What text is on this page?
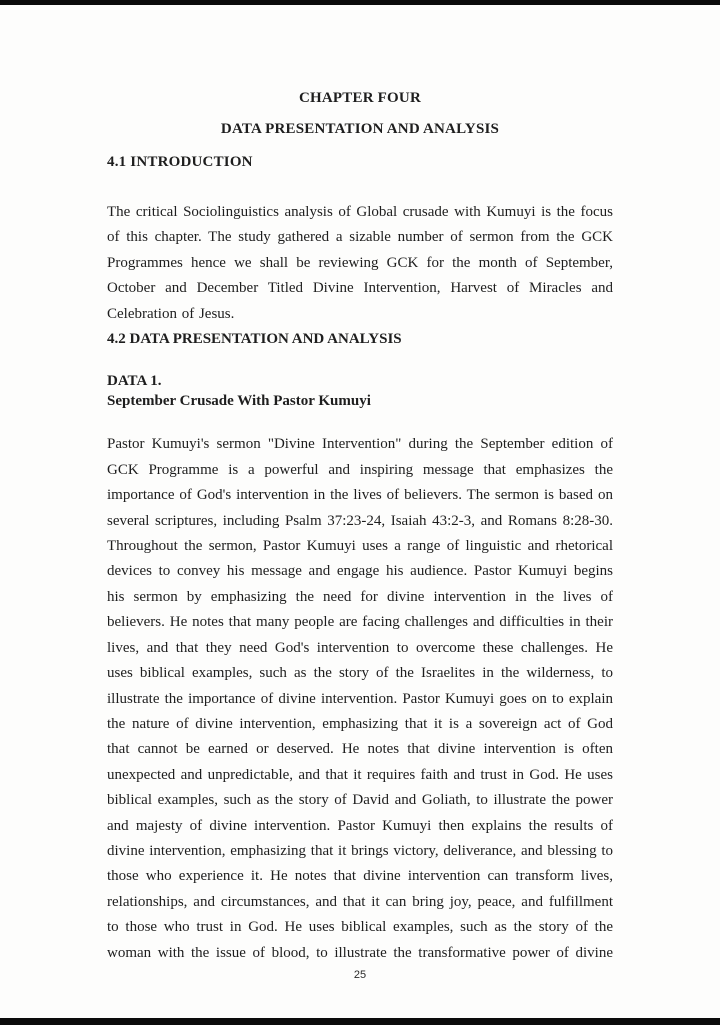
CHAPTER FOUR
DATA PRESENTATION AND ANALYSIS
4.1 INTRODUCTION

The critical Sociolinguistics analysis of Global crusade with Kumuyi is the focus of this chapter. The study gathered a sizable number of sermon from the GCK Programmes hence we shall be reviewing GCK for the month of September, October and December Titled Divine Intervention, Harvest of Miracles and Celebration of Jesus.

4.2 DATA PRESENTATION AND ANALYSIS
DATA 1.
September Crusade With Pastor Kumuyi

Pastor Kumuyi's sermon "Divine Intervention" during the September edition of GCK Programme is a powerful and inspiring message that emphasizes the importance of God's intervention in the lives of believers. The sermon is based on several scriptures, including Psalm 37:23-24, Isaiah 43:2-3, and Romans 8:28-30. Throughout the sermon, Pastor Kumuyi uses a range of linguistic and rhetorical devices to convey his message and engage his audience. Pastor Kumuyi begins his sermon by emphasizing the need for divine intervention in the lives of believers. He notes that many people are facing challenges and difficulties in their lives, and that they need God's intervention to overcome these challenges. He uses biblical examples, such as the story of the Israelites in the wilderness, to illustrate the importance of divine intervention. Pastor Kumuyi goes on to explain the nature of divine intervention, emphasizing that it is a sovereign act of God that cannot be earned or deserved. He notes that divine intervention is often unexpected and unpredictable, and that it requires faith and trust in God. He uses biblical examples, such as the story of David and Goliath, to illustrate the power and majesty of divine intervention. Pastor Kumuyi then explains the results of divine intervention, emphasizing that it brings victory, deliverance, and blessing to those who experience it. He notes that divine intervention can transform lives, relationships, and circumstances, and that it can bring joy, peace, and fulfillment to those who trust in God. He uses biblical examples, such as the story of the woman with the issue of blood, to illustrate the transformative power of divine

25
